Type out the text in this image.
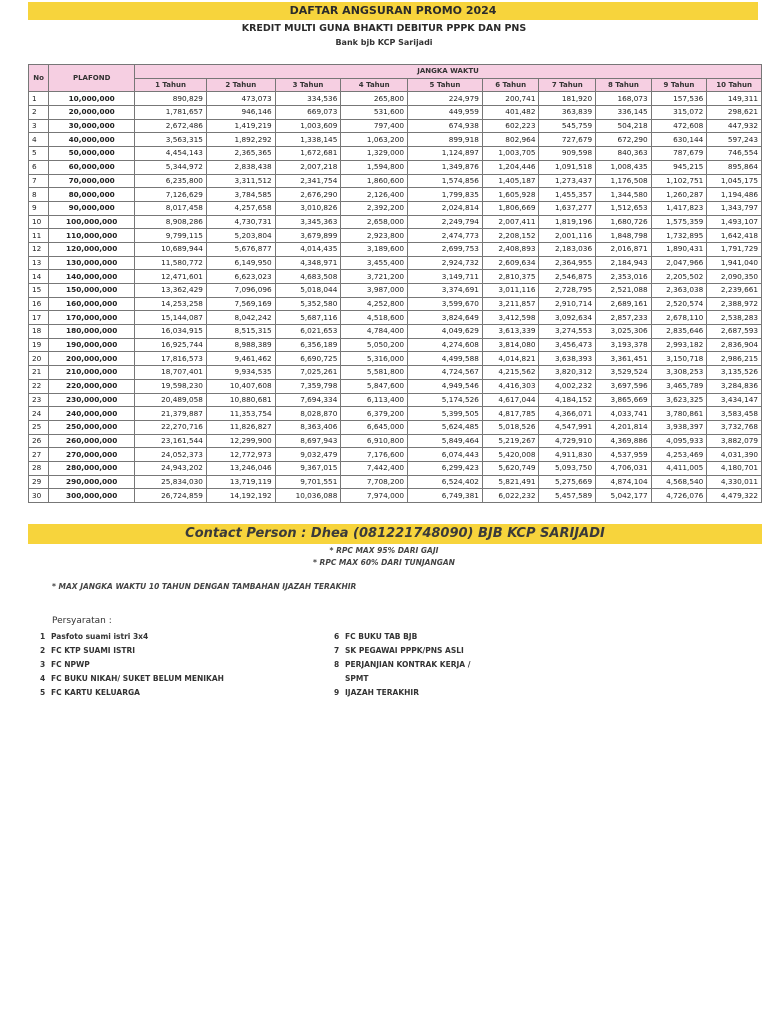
DAFTAR ANGSURAN PROMO 2024
KREDIT MULTI GUNA BHAKTI DEBITUR PPPK DAN PNS
Bank bjb KCP Sarijadi
No	PLAFOND	JANGKA WAKTU									
		1 Tahun	2 Tahun	3 Tahun	4 Tahun	5 Tahun	6 Tahun	7 Tahun	8 Tahun	9 Tahun	10 Tahun
1	10,000,000	890,829	473,073	334,536	265,800	224,979	200,741	181,920	168,073	157,536	149,311
2	20,000,000	1,781,657	946,146	669,073	531,600	449,959	401,482	363,839	336,145	315,072	298,621
3	30,000,000	2,672,486	1,419,219	1,003,609	797,400	674,938	602,223	545,759	504,218	472,608	447,932
4	40,000,000	3,563,315	1,892,292	1,338,145	1,063,200	899,918	802,964	727,679	672,290	630,144	597,243
5	50,000,000	4,454,143	2,365,365	1,672,681	1,329,000	1,124,897	1,003,705	909,598	840,363	787,679	746,554
6	60,000,000	5,344,972	2,838,438	2,007,218	1,594,800	1,349,876	1,204,446	1,091,518	1,008,435	945,215	895,864
7	70,000,000	6,235,800	3,311,512	2,341,754	1,860,600	1,574,856	1,405,187	1,273,437	1,176,508	1,102,751	1,045,175
8	80,000,000	7,126,629	3,784,585	2,676,290	2,126,400	1,799,835	1,605,928	1,455,357	1,344,580	1,260,287	1,194,486
9	90,000,000	8,017,458	4,257,658	3,010,826	2,392,200	2,024,814	1,806,669	1,637,277	1,512,653	1,417,823	1,343,797
10	100,000,000	8,908,286	4,730,731	3,345,363	2,658,000	2,249,794	2,007,411	1,819,196	1,680,726	1,575,359	1,493,107
11	110,000,000	9,799,115	5,203,804	3,679,899	2,923,800	2,474,773	2,208,152	2,001,116	1,848,798	1,732,895	1,642,418
12	120,000,000	10,689,944	5,676,877	4,014,435	3,189,600	2,699,753	2,408,893	2,183,036	2,016,871	1,890,431	1,791,729
13	130,000,000	11,580,772	6,149,950	4,348,971	3,455,400	2,924,732	2,609,634	2,364,955	2,184,943	2,047,966	1,941,040
14	140,000,000	12,471,601	6,623,023	4,683,508	3,721,200	3,149,711	2,810,375	2,546,875	2,353,016	2,205,502	2,090,350
15	150,000,000	13,362,429	7,096,096	5,018,044	3,987,000	3,374,691	3,011,116	2,728,795	2,521,088	2,363,038	2,239,661
16	160,000,000	14,253,258	7,569,169	5,352,580	4,252,800	3,599,670	3,211,857	2,910,714	2,689,161	2,520,574	2,388,972
17	170,000,000	15,144,087	8,042,242	5,687,116	4,518,600	3,824,649	3,412,598	3,092,634	2,857,233	2,678,110	2,538,283
18	180,000,000	16,034,915	8,515,315	6,021,653	4,784,400	4,049,629	3,613,339	3,274,553	3,025,306	2,835,646	2,687,593
19	190,000,000	16,925,744	8,988,389	6,356,189	5,050,200	4,274,608	3,814,080	3,456,473	3,193,378	2,993,182	2,836,904
20	200,000,000	17,816,573	9,461,462	6,690,725	5,316,000	4,499,588	4,014,821	3,638,393	3,361,451	3,150,718	2,986,215
21	210,000,000	18,707,401	9,934,535	7,025,261	5,581,800	4,724,567	4,215,562	3,820,312	3,529,524	3,308,253	3,135,526
22	220,000,000	19,598,230	10,407,608	7,359,798	5,847,600	4,949,546	4,416,303	4,002,232	3,697,596	3,465,789	3,284,836
23	230,000,000	20,489,058	10,880,681	7,694,334	6,113,400	5,174,526	4,617,044	4,184,152	3,865,669	3,623,325	3,434,147
24	240,000,000	21,379,887	11,353,754	8,028,870	6,379,200	5,399,505	4,817,785	4,366,071	4,033,741	3,780,861	3,583,458
25	250,000,000	22,270,716	11,826,827	8,363,406	6,645,000	5,624,485	5,018,526	4,547,991	4,201,814	3,938,397	3,732,768
26	260,000,000	23,161,544	12,299,900	8,697,943	6,910,800	5,849,464	5,219,267	4,729,910	4,369,886	4,095,933	3,882,079
27	270,000,000	24,052,373	12,772,973	9,032,479	7,176,600	6,074,443	5,420,008	4,911,830	4,537,959	4,253,469	4,031,390
28	280,000,000	24,943,202	13,246,046	9,367,015	7,442,400	6,299,423	5,620,749	5,093,750	4,706,031	4,411,005	4,180,701
29	290,000,000	25,834,030	13,719,119	9,701,551	7,708,200	6,524,402	5,821,491	5,275,669	4,874,104	4,568,540	4,330,011
30	300,000,000	26,724,859	14,192,192	10,036,088	7,974,000	6,749,381	6,022,232	5,457,589	5,042,177	4,726,076	4,479,322
Contact Person : Dhea (081221748090) BJB KCP SARIJADI
* RPC MAX 95% DARI GAJI
* RPC MAX 60% DARI TUNJANGAN
* MAX JANGKA WAKTU 10 TAHUN DENGAN TAMBAHAN IJAZAH TERAKHIR
Persyaratan :
1 Pasfoto suami istri 3x4
2 FC KTP SUAMI ISTRI
3 FC NPWP
4 FC BUKU NIKAH/ SUKET BELUM MENIKAH
5 FC KARTU KELUARGA
6 FC BUKU TAB BJB
7 SK PEGAWAI PPPK/PNS ASLI
8 PERJANJIAN KONTRAK KERJA /
SPMT
9 IJAZAH TERAKHIR
